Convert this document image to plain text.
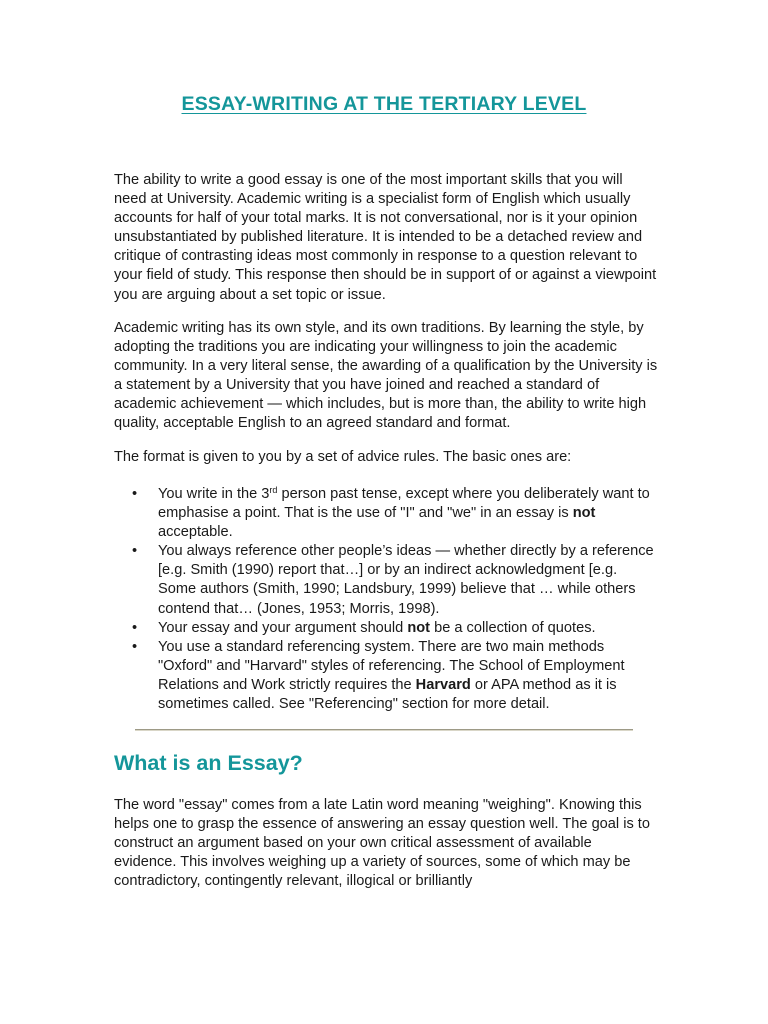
ESSAY-WRITING AT THE TERTIARY LEVEL

The ability to write a good essay is one of the most important skills that you will need at University. Academic writing is a specialist form of English which usually accounts for half of your total marks. It is not conversational, nor is it your opinion unsubstantiated by published literature. It is intended to be a detached review and critique of contrasting ideas most commonly in response to a question relevant to your field of study. This response then should be in support of or against a viewpoint you are arguing about a set topic or issue.

Academic writing has its own style, and its own traditions. By learning the style, by adopting the traditions you are indicating your willingness to join the academic community. In a very literal sense, the awarding of a qualification by the University is a statement by a University that you have joined and reached a standard of academic achievement — which includes, but is more than, the ability to write high quality, acceptable English to an agreed standard and format.

The format is given to you by a set of advice rules. The basic ones are:

• You write in the 3rd person past tense, except where you deliberately want to emphasise a point. That is the use of "I" and "we" in an essay is not acceptable.
• You always reference other people’s ideas — whether directly by a reference [e.g. Smith (1990) report that…] or by an indirect acknowledgment [e.g. Some authors (Smith, 1990; Landsbury, 1999) believe that … while others contend that… (Jones, 1953; Morris, 1998).
• Your essay and your argument should not be a collection of quotes.
• You use a standard referencing system. There are two main methods "Oxford" and "Harvard" styles of referencing. The School of Employment Relations and Work strictly requires the Harvard or APA method as it is sometimes called. See "Referencing" section for more detail.
What is an Essay?

The word "essay" comes from a late Latin word meaning "weighing". Knowing this helps one to grasp the essence of answering an essay question well. The goal is to construct an argument based on your own critical assessment of available evidence. This involves weighing up a variety of sources, some of which may be contradictory, contingently relevant, illogical or brilliantly
